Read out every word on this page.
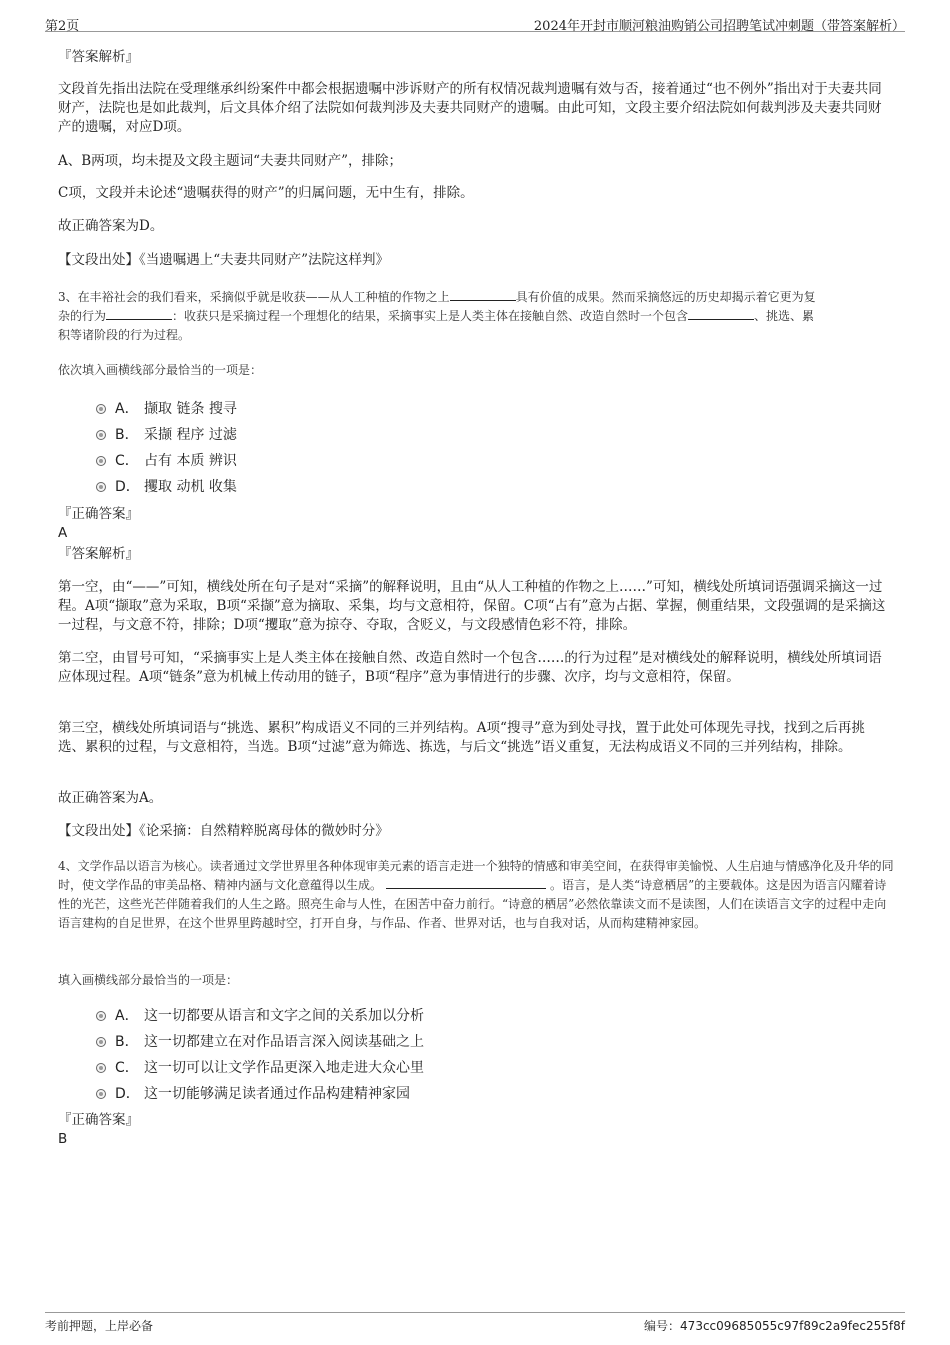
第2页	2024年开封市顺河粮油购销公司招聘笔试冲刺题（带答案解析）
『答案解析』
文段首先指出法院在受理继承纠纷案件中都会根据遗嘱中涉诉财产的所有权情况裁判遗嘱有效与否，接着通过“也不例外”指出对于夫妻共同财产，法院也是如此裁判，后文具体介绍了法院如何裁判涉及夫妻共同财产的遗嘱。由此可知，文段主要介绍法院如何裁判涉及夫妻共同财产的遗嘱，对应D项。
A、B两项，均未提及文段主题词“夫妻共同财产”，排除；
C项，文段并未论述“遗嘱获得的财产”的归属问题，无中生有，排除。
故正确答案为D。
【文段出处】《当遗嘱遇上“夫妻共同财产”法院这样判》
3、在丰裕社会的我们看来，采摘似乎就是收获——从人工种植的作物之上	具有价值的成果。然而采摘悠远的历史却揭示着它更为复
杂的行为	：收获只是采摘过程一个理想化的结果，采摘事实上是人类主体在接触自然、改造自然时一个包含	、挑选、累
积等诸阶段的行为过程。
依次填入画横线部分最恰当的一项是：
A． 撷取 链条 搜寻
B． 采撷 程序 过滤
C． 占有 本质 辨识
D． 攫取 动机 收集
『正确答案』
A
『答案解析』
第一空，由“——”可知，横线处所在句子是对“采摘”的解释说明，且由“从人工种植的作物之上……”可知，横线处所填词语强调采摘这一过程。A项“撷取”意为采取，B项“采撷”意为摘取、采集，均与文意相符，保留。C项“占有”意为占据、掌握，侧重结果，文段强调的是采摘这一过程，与文意不符，排除；D项“攫取”意为掠夺、夺取，含贬义，与文段感情色彩不符，排除。
第二空，由冒号可知，“采摘事实上是人类主体在接触自然、改造自然时一个包含……的行为过程”是对横线处的解释说明，横线处所填词语应体现过程。A项“链条”意为机械上传动用的链子，B项“程序”意为事情进行的步骤、次序，均与文意相符，保留。
第三空，横线处所填词语与“挑选、累积”构成语义不同的三并列结构。A项“搜寻”意为到处寻找，置于此处可体现先寻找，找到之后再挑选、累积的过程，与文意相符，当选。B项“过滤”意为筛选、拣选，与后文“挑选”语义重复，无法构成语义不同的三并列结构，排除。
故正确答案为A。
【文段出处】《论采摘：自然精粹脱离母体的微妙时分》
4、文学作品以语言为核心。读者通过文学世界里各种体现审美元素的语言走进一个独特的情感和审美空间，在获得审美愉悦、人生启迪与情感净化及升华的同时，使文学作品的审美品格、精神内涵与文化意蕴得以生成。	。语言，是人类“诗意栖居”的主要载体。这是因为语言闪耀着诗性的光芒，这些光芒伴随着我们的人生之路。照亮生命与人性，在困苦中奋力前行。“诗意的栖居”必然依靠读文而不是读图，人们在读语言文字的过程中走向语言建构的自足世界，在这个世界里跨越时空，打开自身，与作品、作者、世界对话，也与自我对话，从而构建精神家园。
填入画横线部分最恰当的一项是：
A． 这一切都要从语言和文字之间的关系加以分析
B． 这一切都建立在对作品语言深入阅读基础之上
C． 这一切可以让文学作品更深入地走进大众心里
D． 这一切能够满足读者通过作品构建精神家园
『正确答案』
B
考前押题，上岸必备	编号：473cc09685055c97f89c2a9fec255f8f
